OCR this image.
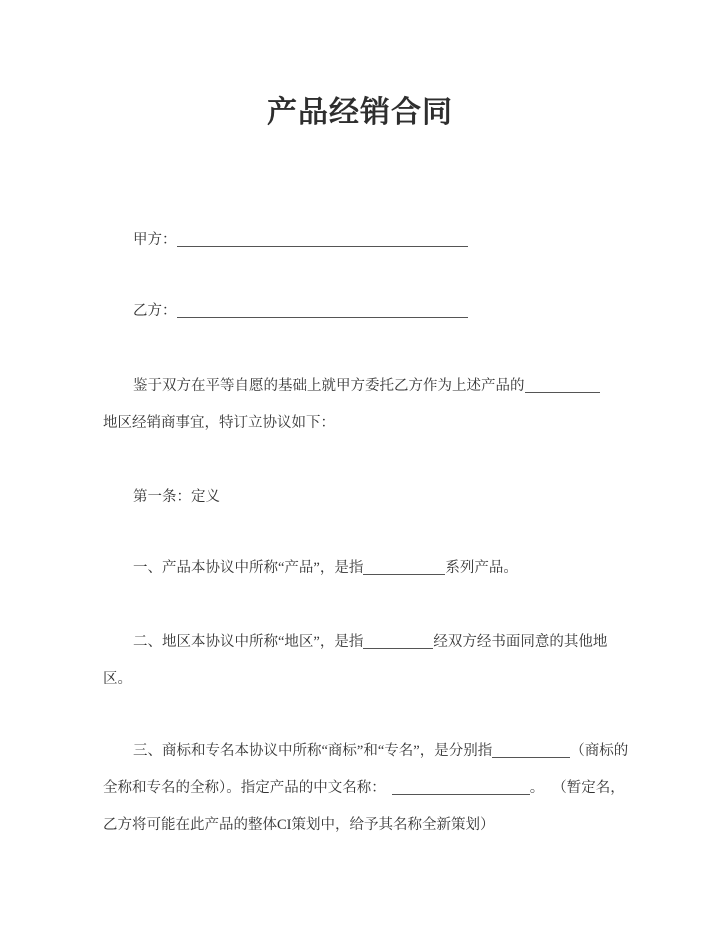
产品经销合同
甲方：
乙方：
鉴于双方在平等自愿的基础上就甲方委托乙方作为上述产品的
地区经销商事宜，特订立协议如下：
第一条：定义
一、产品本协议中所称“产品”，是指	系列产品。
二、地区本协议中所称“地区”，是指	经双方经书面同意的其他地
区。
三、商标和专名本协议中所称“商标”和“专名”，是分别指	（商标的
全称和专名的全称）。指定产品的中文名称：	。 （暂定名，
乙方将可能在此产品的整体CI策划中，给予其名称全新策划）
